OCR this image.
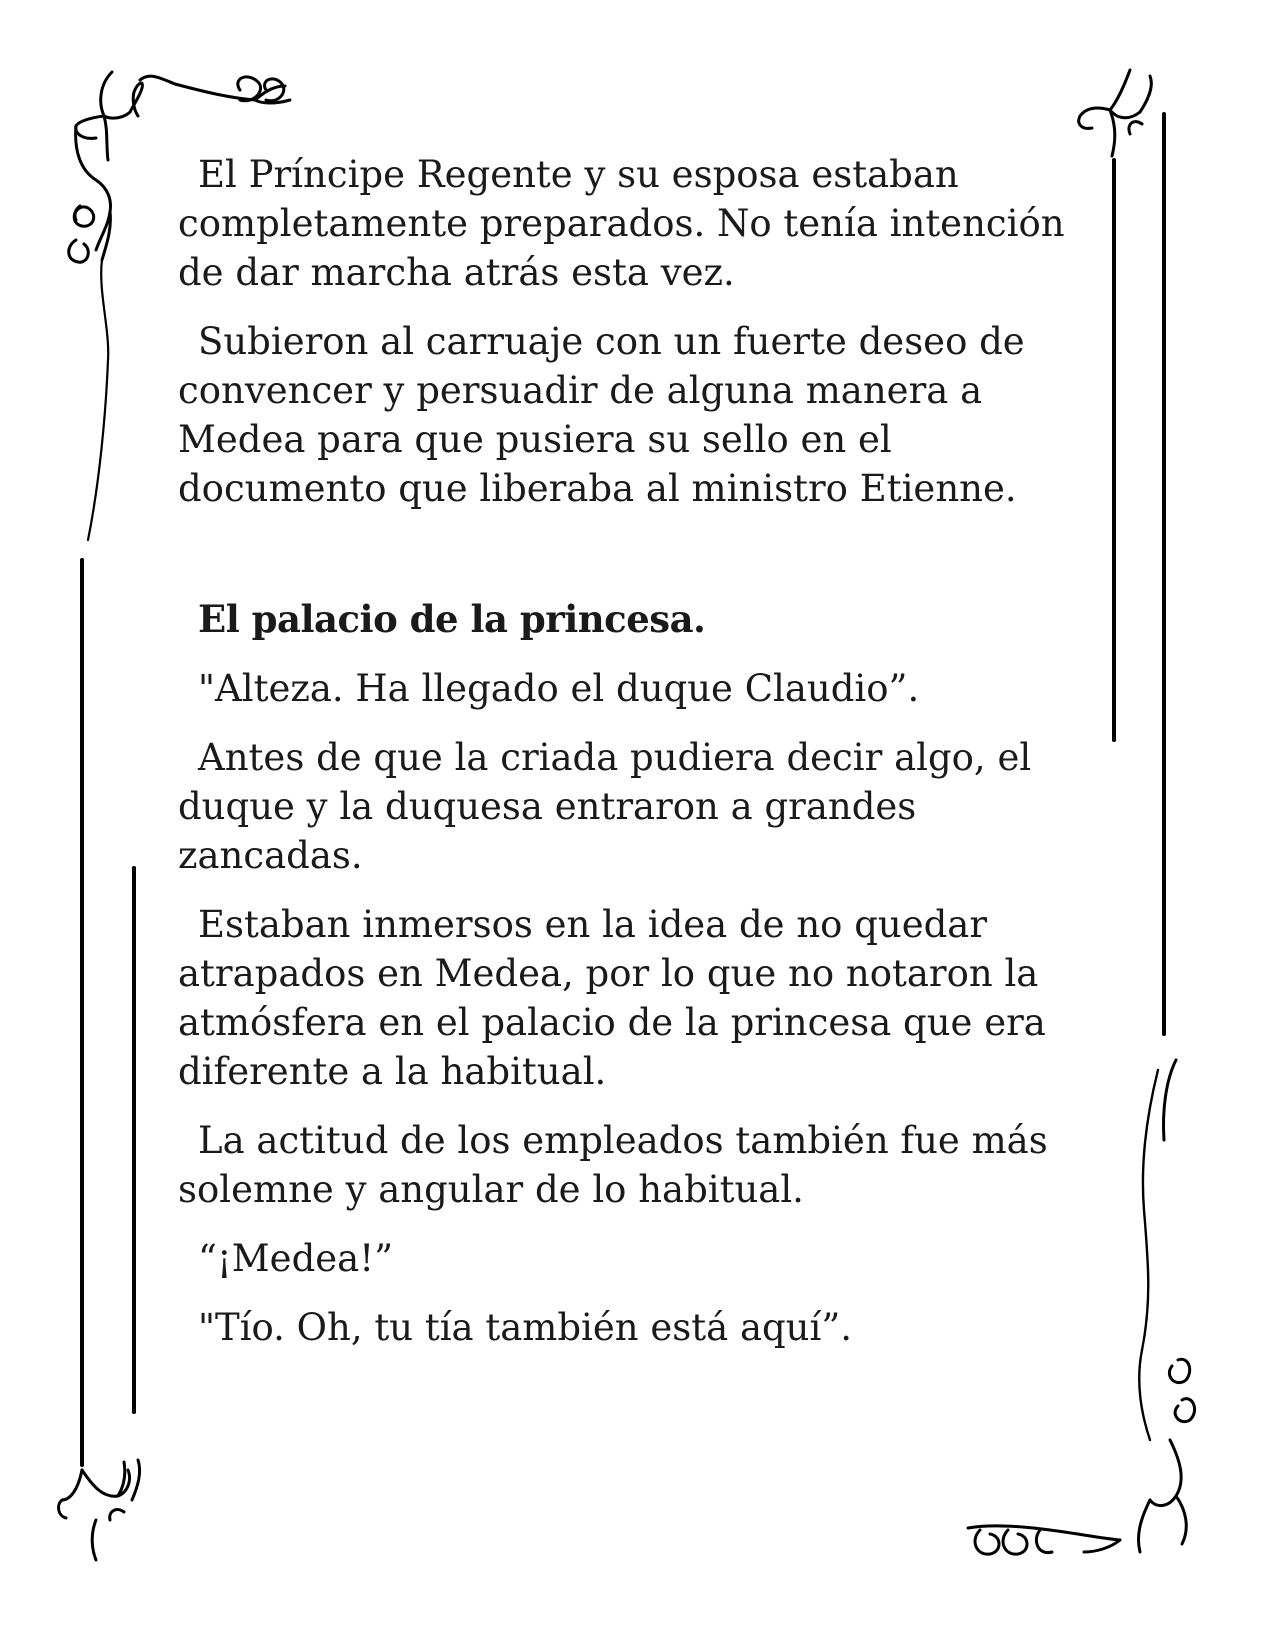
El Príncipe Regente y su esposa estaban completamente preparados. No tenía intención de dar marcha atrás esta vez.

Subieron al carruaje con un fuerte deseo de convencer y persuadir de alguna manera a Medea para que pusiera su sello en el documento que liberaba al ministro Etienne.

El palacio de la princesa.

"Alteza. Ha llegado el duque Claudio”.

Antes de que la criada pudiera decir algo, el duque y la duquesa entraron a grandes zancadas.

Estaban inmersos en la idea de no quedar atrapados en Medea, por lo que no notaron la atmósfera en el palacio de la princesa que era diferente a la habitual.

La actitud de los empleados también fue más solemne y angular de lo habitual.

“¡Medea!”

"Tío. Oh, tu tía también está aquí”.
